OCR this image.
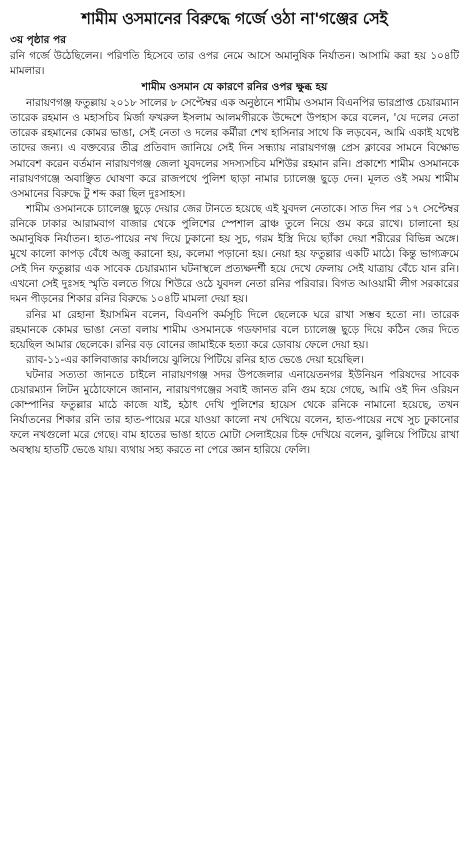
শামীম ওসমানের বিরুদ্ধে গর্জে ওঠা না'গঞ্জের সেই
৩য় পৃষ্ঠার পর

রনি গর্জে উঠেছিলেন। পরিণতি হিসেবে তার ওপর নেমে আসে অমানুষিক নির্যাতন। আসামি করা হয় ১০৪টি মামলার।

শামীম ওসমান যে কারণে রনির ওপর ক্ষুব্ধ হয়

নারায়ণগঞ্জ ফতুল্লায় ২০১৮ সালের ৮ সেপ্টেম্বর এক অনুষ্ঠানে শামীম ওসমান বিএনপির ভারপ্রাপ্ত চেয়ারম্যান তারেক রহমান ও মহাসচিব মির্জা ফখরুল ইসলাম আলমগীরকে উদ্দেশে উপহাস করে বলেন, 'যে দলের নেতা তারেক রহমানের কোমর ভাঙা, সেই নেতা ও দলের কর্মীরা শেখ হাসিনার সাথে কি লড়বেন, আমি একাই যথেষ্ট তাদের জন্য। এ বক্তব্যের তীব্র প্রতিবাদ জানিয়ে সেই দিন সন্ধ্যায় নারায়ণগঞ্জ প্রেস ক্লাবের সামনে বিক্ষোভ সমাবেশ করেন বর্তমান নারায়ণগঞ্জ জেলা যুবদলের সদস্যসচিব মশিউর রহমান রনি। প্রকাশ্যে শামীম ওসমানকে নারায়ণগঞ্জে অবাঞ্ছিত ঘোষণা করে রাজপথে পুলিশ ছাড়া নামার চ্যালেঞ্জ ছুড়ে দেন। মূলত ওই সময় শামীম ওসমানের বিরুদ্ধে টু শব্দ করা ছিল দুঃসাহস।

শামীম ওসমানকে চ্যালেঞ্জ ছুড়ে দেয়ার জের টানতে হয়েছে এই যুবদল নেতাকে। সাত দিন পর ১৭ সেপ্টেম্বর রনিকে ঢাকার আরামবাগ বাজার থেকে পুলিশের স্পেশাল ব্রাঞ্চ তুলে নিয়ে গুম করে রাখে। চালানো হয় অমানুষিক নির্যাতন। হাত-পায়ের নখ দিয়ে ঢুকানো হয় সুচ, গরম ইস্ত্রি দিয়ে ছ্যাঁকা দেয়া শরীরের বিভিন্ন অঙ্গে। মুখে কালো কাপড় বেঁধে অজু করানো হয়, কলেমা পড়ানো হয়। নেয়া হয় ফতুল্লার একটি মাঠে। কিন্তু ভাগ্যক্রমে সেই দিন ফতুল্লার এক সাবেক চেয়ারম্যান ঘটনাস্থলে প্রত্যক্ষদর্শী হয়ে দেখে ফেলায় সেই যাত্রায় বেঁচে যান রনি। এখনো সেই দুঃসহ স্মৃতি বলতে গিয়ে শিউরে ওঠে যুবদল নেতা রনির পরিবার। বিগত আওয়ামী লীগ সরকারের দমন পীড়নের শিকার রনির বিরুদ্ধে ১০৪টি মামলা দেয়া হয়।

রনির মা রেহানা ইয়াসমিন বলেন, বিএনপি কর্মসূচি দিলে ছেলেকে ঘরে রাখা সম্ভব হতো না। তারেক রহমানকে কোমর ভাঙা নেতা বলায় শামীম ওসমানকে গডফাদার বলে চ্যালেঞ্জ ছুড়ে দিয়ে কঠিন জের দিতে হয়েছিল আমার ছেলেকে। রনির বড় বোনের জামাইকে হত্যা করে ডোবায় ফেলে দেয়া হয়।

র‍্যাব-১১-এর কালিবাজার কার্যালয়ে ঝুলিয়ে পিটিয়ে রনির হাত ভেঙে দেয়া হয়েছিল।

ঘটনার সত্যতা জানতে চাইলে নারায়ণগঞ্জ সদর উপজেলার এনায়েতনগর ইউনিয়ন পরিষদের সাবেক চেয়ারম্যান লিটন মুঠোফোনে জানান, নারায়ণগঞ্জের সবাই জানত রনি গুম হয়ে গেছে, আমি ওই দিন ওরিয়ন কোম্পানির ফতুল্লার মাঠে কাজে যাই, হঠাৎ দেখি পুলিশের হায়েস থেকে রনিকে নামানো হয়েছে, তখন নির্যাতনের শিকার রনি তার হাত-পায়ের মরে যাওয়া কালো নখ দেখিয়ে বলেন, হাত-পায়ের নখে সুচ ঢুকানোর ফলে নখগুলো মরে গেছে। বাম হাতের ভাঙা হাতে মোটা সেলাইয়ের চিহ্ন দেখিয়ে বলেন, ঝুলিয়ে পিটিয়ে রাখা অবস্থায় হাতটি ভেঙে যায়। ব্যথায় সহ্য করতে না পেরে জ্ঞান হারিয়ে ফেলি।
